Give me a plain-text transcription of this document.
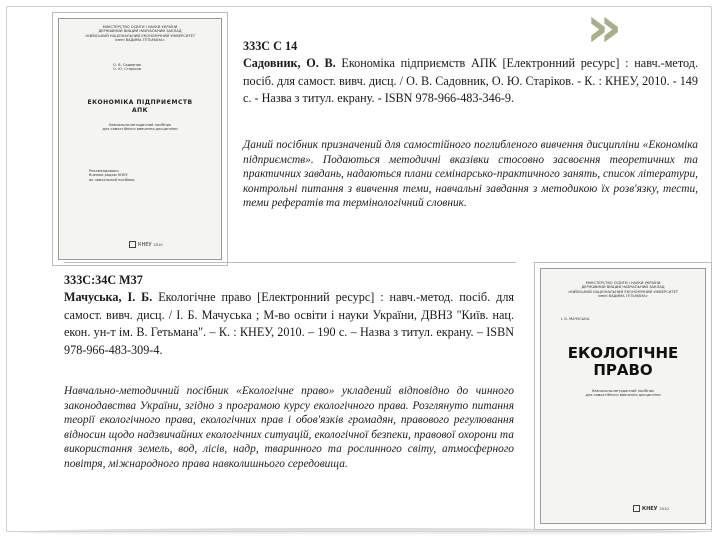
»
МІНІСТЕРСТВО ОСВІТИ І НАУКИ УКРАЇНИ
ДЕРЖАВНИЙ ВИЩИЙ НАВЧАЛЬНИЙ ЗАКЛАД
«КИЇВСЬКИЙ НАЦІОНАЛЬНИЙ ЕКОНОМІЧНИЙ УНІВЕРСИТЕТ
імені ВАДИМА ГЕТЬМАНА»
О. В. Садовник
О. Ю. Старіков
ЕКОНОМІКА ПІДПРИЄМСТВ
АПК
Навчально-методичний посібник
для самостійного вивчення дисципліни
Рекомендовано
Вченою радою КНЕУ
як навчальний посібник
КНЕУ 2010
МІНІСТЕРСТВО ОСВІТИ І НАУКИ УКРАЇНИ
ДЕРЖАВНИЙ ВИЩИЙ НАВЧАЛЬНИЙ ЗАКЛАД
«КИЇВСЬКИЙ НАЦІОНАЛЬНИЙ ЕКОНОМІЧНИЙ УНІВЕРСИТЕТ
імені ВАДИМА ГЕТЬМАНА»
І. Б. МАЧУСЬКА
ЕКОЛОГІЧНЕ
ПРАВО
Навчально-методичний посібник
для самостійного вивчення дисципліни
КНЕУ 2010
333С С 14
Садовник, О. В. Економіка підприємств АПК [Електронний ресурс] : навч.-метод. посіб. для самост. вивч. дисц. / О. В. Садовник, О. Ю. Старіков. - К. : КНЕУ, 2010. - 149 с. - Назва з титул. екрану. - ISBN 978-966-483-346-9.
Даний посібник призначений для самостійного поглибленого вивчення дисципліни «Економіка підприємств». Подаються методичні вказівки стосовно засвоєння теоретичних та практичних завдань, надаються плани семінарсько-практичного занять, список літератури, контрольні питання з вивчення теми, навчальні завдання з методикою їх розв'язку, тести, теми рефератів та термінологічний словник.
333С:34С М37
Мачуська, І. Б. Екологічне право [Електронний ресурс] : навч.-метод. посіб. для самост. вивч. дисц. / І. Б. Мачуська ; М-во освіти і науки України, ДВНЗ "Київ. нац. екон. ун-т ім. В. Гетьмана". – К. : КНЕУ, 2010. – 190 с. – Назва з титул. екрану. – ISBN 978-966-483-309-4.
Навчально-методичний посібник «Екологічне право» укладений відповідно до чинного законодавства України, згідно з програмою курсу екологічного права. Розглянуто питання теорії екологічного права, екологічних прав і обов'язків громадян, правового регулювання відносин щодо надзвичайних екологічних ситуацій, екологічної безпеки, правової охорони та використання земель, вод, лісів, надр, тваринного та рослинного світу, атмосферного повітря, міжнародного права навколишнього середовища.
